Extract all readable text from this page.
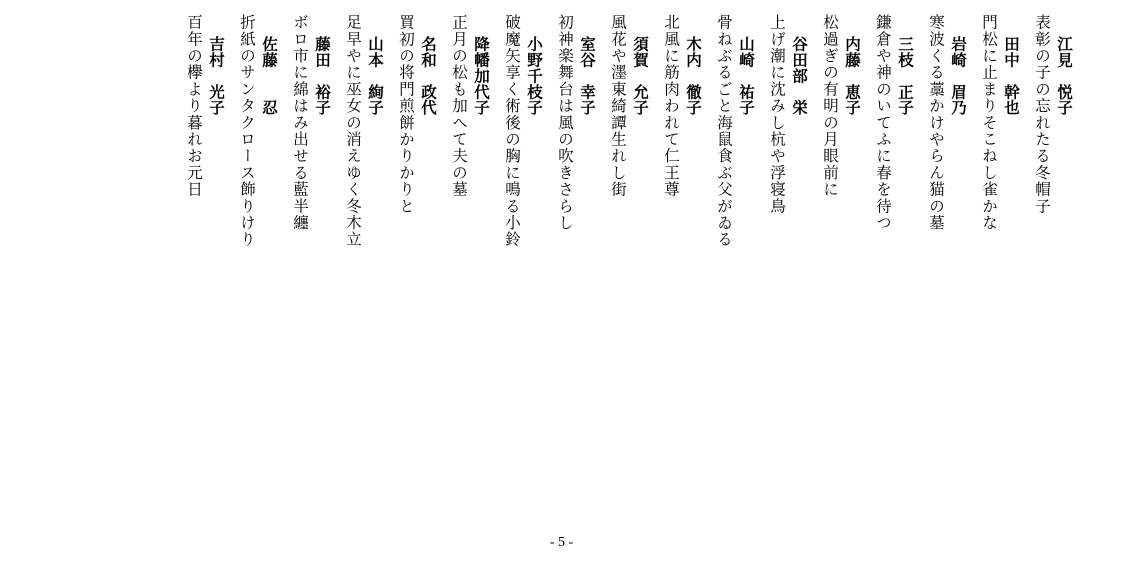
江見　悦子
表彰の子の忘れたる冬帽子
田中　幹也
門松に止まりそこねし雀かな
岩崎　眉乃
寒波くる藁かけやらん猫の墓
三枝　正子
鎌倉や神のいてふに春を待つ
内藤　恵子
松過ぎの有明の月眼前に
谷田部　栄
上げ潮に沈みし杭や浮寝鳥
山崎　祐子
骨ねぶるごと海鼠食ぶ父がゐる
木内　徹子
北風に筋肉われて仁王尊
須賀　允子
風花や濹東綺譚生れし街
室谷　幸子
初神楽舞台は風の吹きさらし
小野千枝子
破魔矢享く術後の胸に鳴る小鈴
降幡加代子
正月の松も加へて夫の墓
名和　政代
買初の将門煎餅かりかりと
山本　絢子
足早やに巫女の消えゆく冬木立
藤田　裕子
ボロ市に綿はみ出せる藍半纏
佐藤　　忍
折紙のサンタクロース飾りけり
吉村　光子
百年の欅より暮れお元日
- 5 -
